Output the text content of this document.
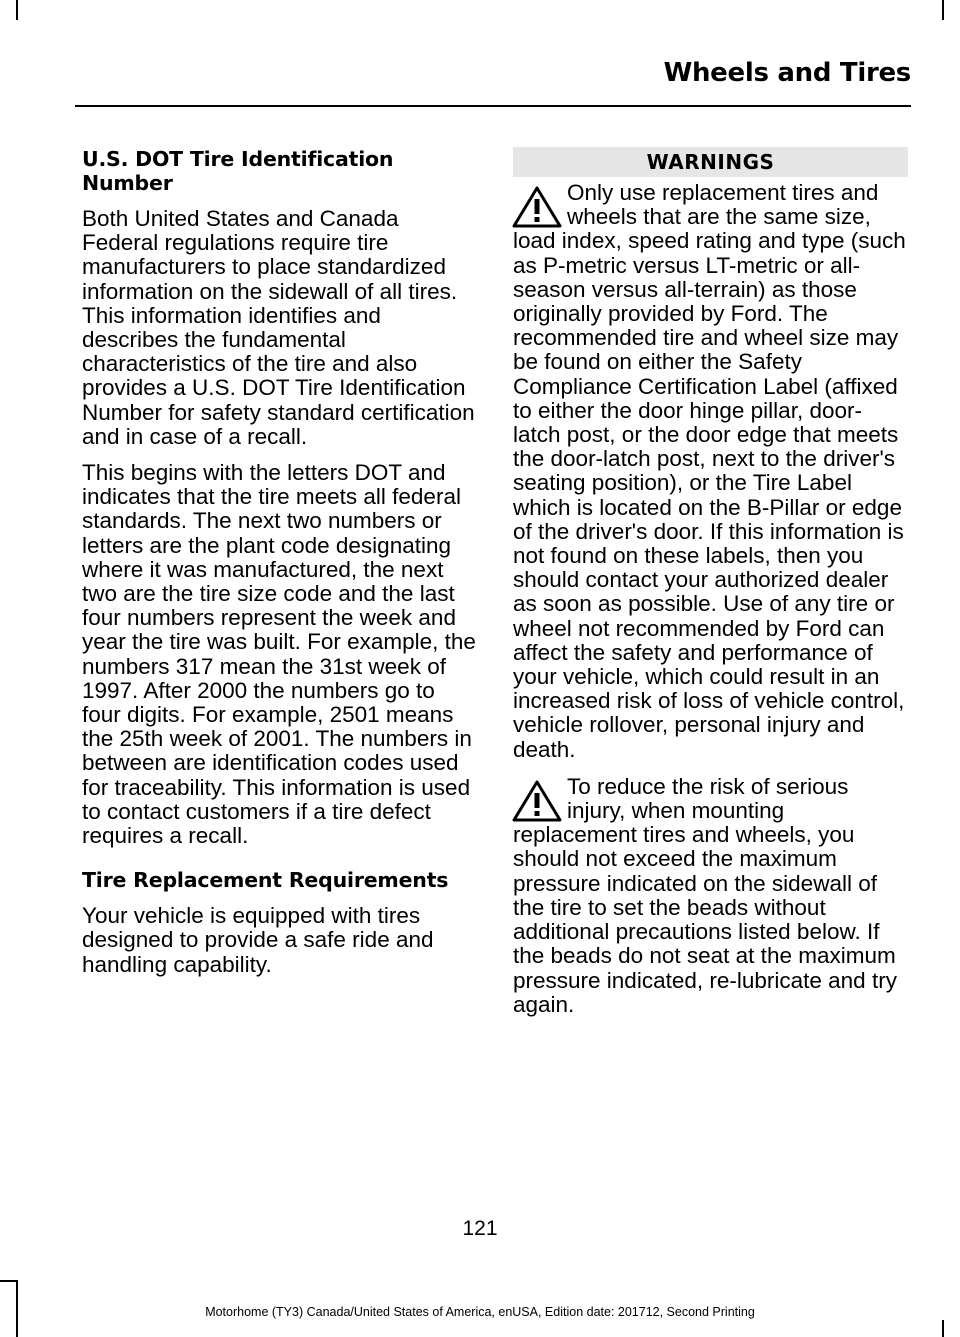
Wheels and Tires
U.S. DOT Tire Identification Number

Both United States and Canada Federal regulations require tire manufacturers to place standardized information on the sidewall of all tires. This information identifies and describes the fundamental characteristics of the tire and also provides a U.S. DOT Tire Identification Number for safety standard certification and in case of a recall.

This begins with the letters DOT and indicates that the tire meets all federal standards. The next two numbers or letters are the plant code designating where it was manufactured, the next two are the tire size code and the last four numbers represent the week and year the tire was built. For example, the numbers 317 mean the 31st week of 1997. After 2000 the numbers go to four digits. For example, 2501 means the 25th week of 2001. The numbers in between are identification codes used for traceability. This information is used to contact customers if a tire defect requires a recall.

Tire Replacement Requirements

Your vehicle is equipped with tires designed to provide a safe ride and handling capability.

WARNINGS
Only use replacement tires and wheels that are the same size, load index, speed rating and type (such as P-metric versus LT-metric or all-season versus all-terrain) as those originally provided by Ford. The recommended tire and wheel size may be found on either the Safety Compliance Certification Label (affixed to either the door hinge pillar, door-latch post, or the door edge that meets the door-latch post, next to the driver's seating position), or the Tire Label which is located on the B-Pillar or edge of the driver's door. If this information is not found on these labels, then you should contact your authorized dealer as soon as possible. Use of any tire or wheel not recommended by Ford can affect the safety and performance of your vehicle, which could result in an increased risk of loss of vehicle control, vehicle rollover, personal injury and death.
To reduce the risk of serious injury, when mounting replacement tires and wheels, you should not exceed the maximum pressure indicated on the sidewall of the tire to set the beads without additional precautions listed below. If the beads do not seat at the maximum pressure indicated, re-lubricate and try again.
121
Motorhome (TY3) Canada/United States of America, enUSA, Edition date: 201712, Second Printing
